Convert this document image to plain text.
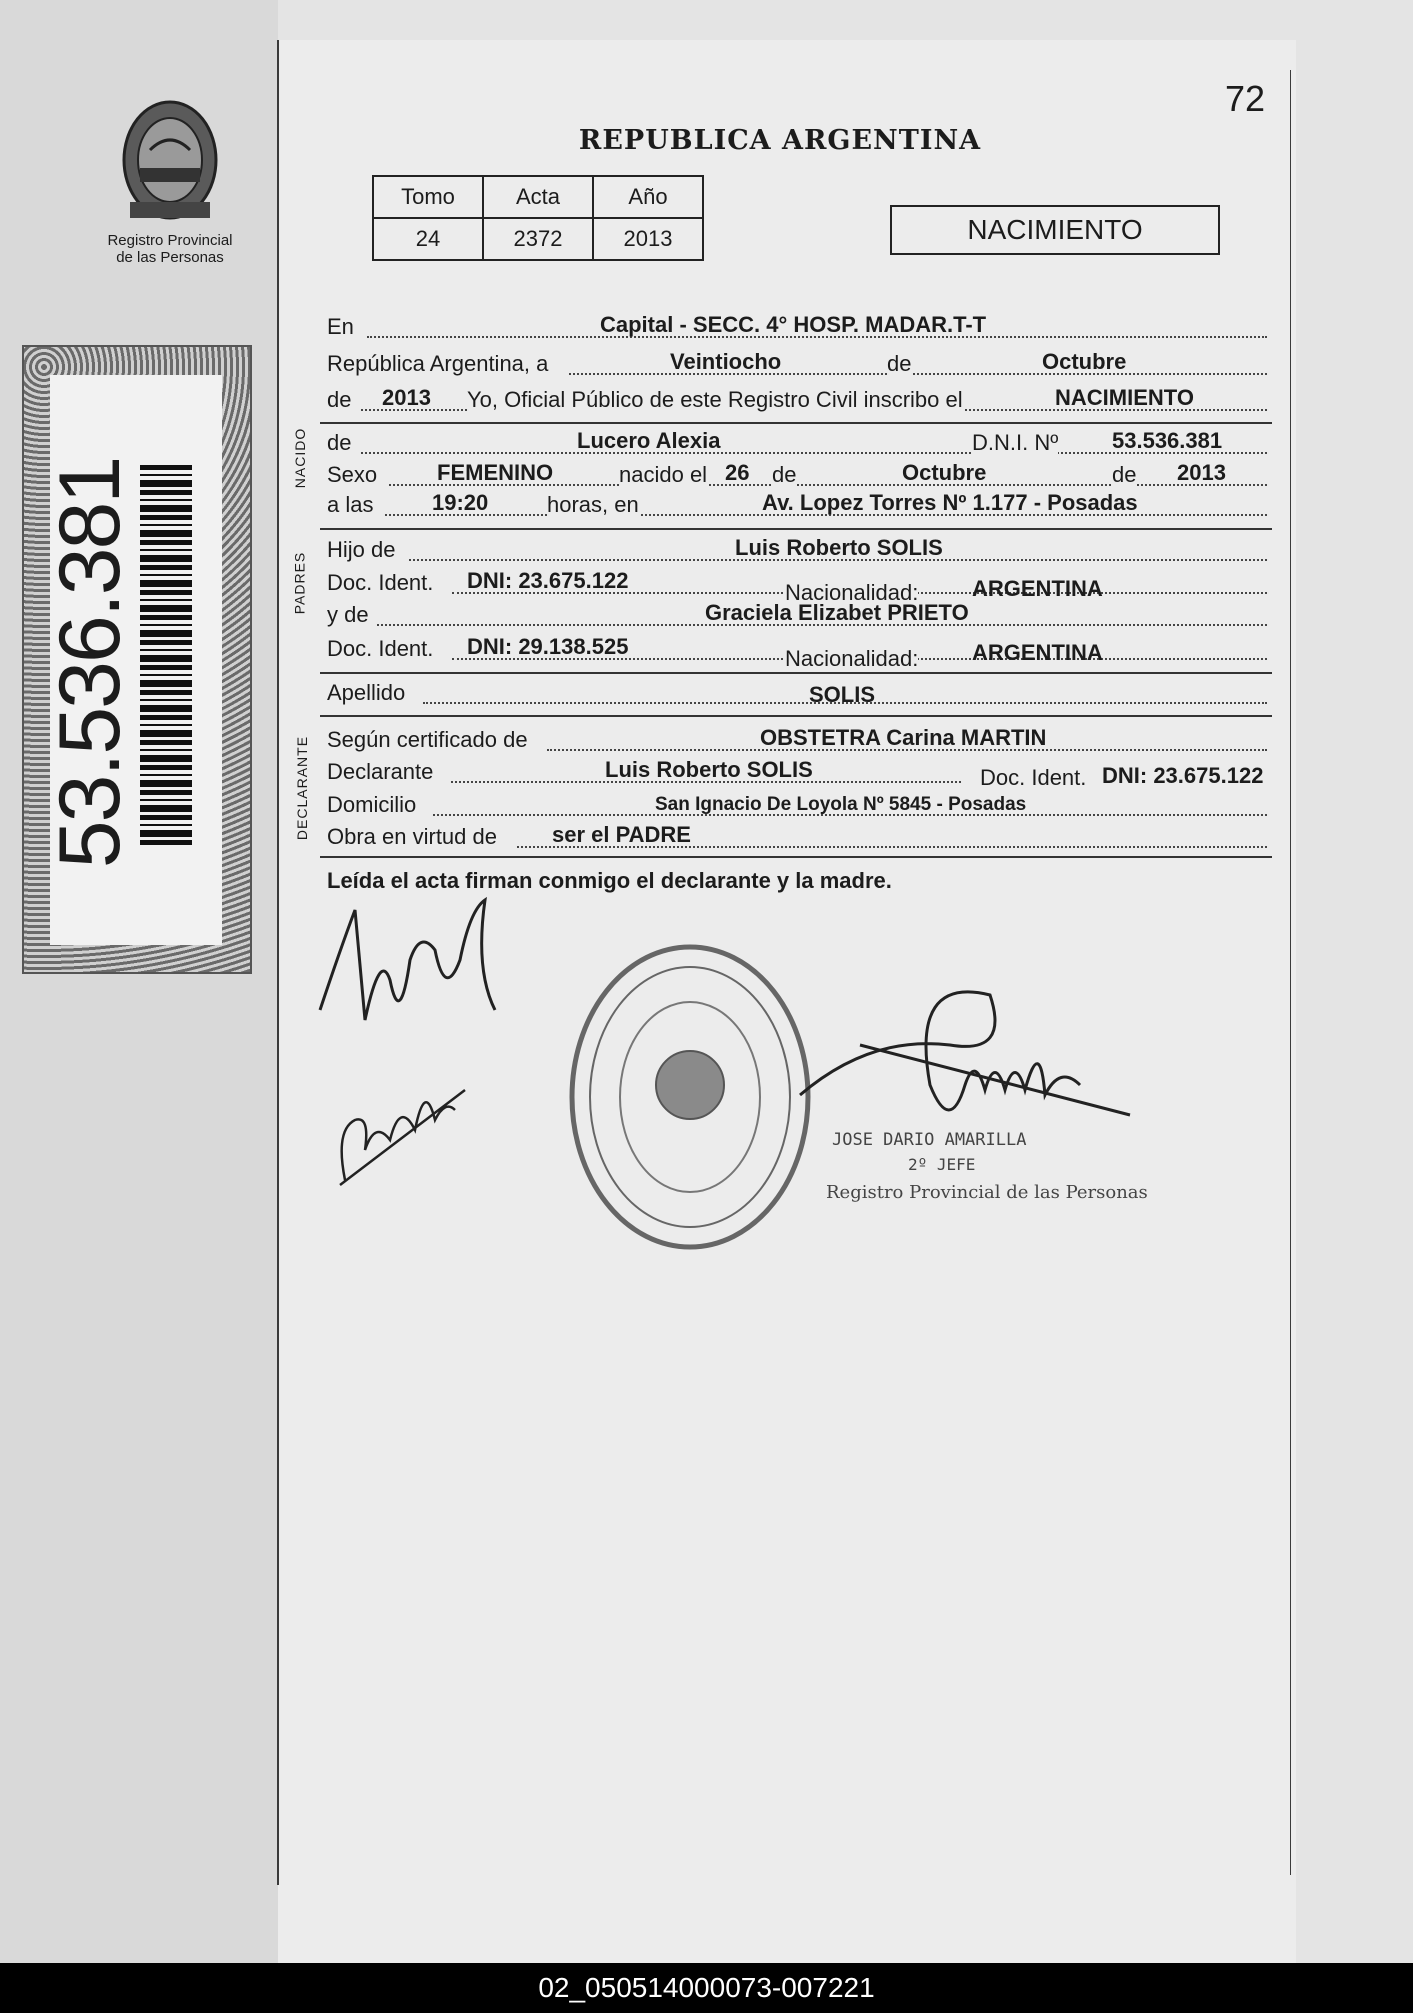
Registro Provincial
de las Personas
53.536.381
72
REPUBLICA ARGENTINA
Tomo	Acta	Año
24	2372	2013	NACIMIENTO
En	Capital - SECC. 4° HOSP. MADAR.T-T
República Argentina, a	Veintiocho	de	Octubre
de 2013 Yo, Oficial Público de este Registro Civil inscribo el	NACIMIENTO
NACIDO de	Lucero Alexia	D.N.I. Nº 53.536.381
Sexo	FEMENINO	nacido el 26 de	Octubre	de 2013
a las	19:20	horas, en	Av. Lopez Torres Nº 1.177 - Posadas
PADRES
Hijo de	Luis Roberto SOLIS
Doc. Ident. DNI: 23.675.122	Nacionalidad: ARGENTINA
y de	Graciela Elizabet PRIETO
Doc. Ident. DNI: 29.138.525	Nacionalidad: ARGENTINA
Apellido	SOLIS
DECLARANTE Según certificado de	OBSTETRA Carina MARTIN
Declarante	Luis Roberto SOLIS	Doc. Ident. DNI: 23.675.122
Domicilio	San Ignacio De Loyola Nº 5845 - Posadas
Obra en virtud de	ser el PADRE
Leída el acta firman conmigo el declarante y la madre.
JOSE DARIO AMARILLA
2º JEFE
Registro Provincial de las Personas
02_050514000073-007221
